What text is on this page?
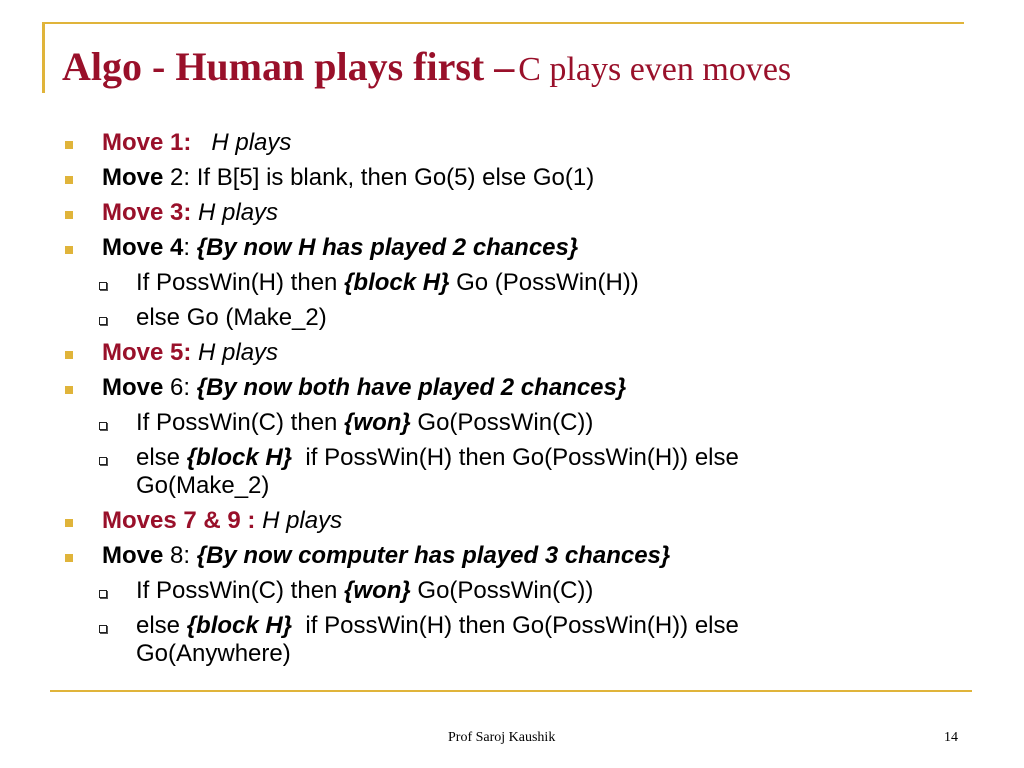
Algo - Human plays first – C plays even moves
Move 1: H plays
Move 2: If B[5] is blank, then Go(5) else Go(1)
Move 3: H plays
Move 4: {By now H has played 2 chances}
If PossWin(H) then {block H} Go (PossWin(H))
else Go (Make_2)
Move 5: H plays
Move 6: {By now both have played 2 chances}
If PossWin(C) then {won} Go(PossWin(C))
else {block H} if PossWin(H) then Go(PossWin(H)) else
Go(Make_2)
Moves 7 & 9 : H plays
Move 8: {By now computer has played 3 chances}
If PossWin(C) then {won} Go(PossWin(C))
else {block H} if PossWin(H) then Go(PossWin(H)) else
Go(Anywhere)
Prof Saroj Kaushik	14
